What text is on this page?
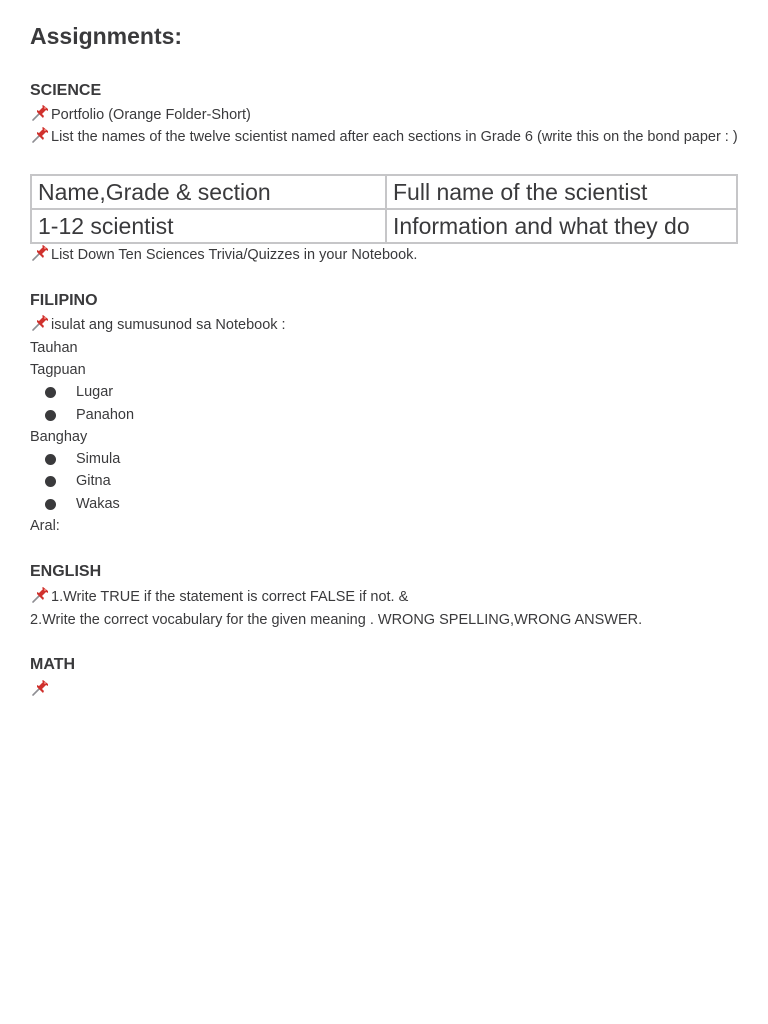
Assignments:
SCIENCE
Portfolio (Orange Folder-Short)
List the names of the twelve scientist named after each sections in Grade 6 (write this on the bond paper : )
Name,Grade & section	Full name of the scientist
1-12 scientist	Information and what they do
List Down Ten Sciences Trivia/Quizzes in your Notebook.
FILIPINO
isulat ang sumusunod sa Notebook :
Tauhan
Tagpuan
Lugar
Panahon
Banghay
Simula
Gitna
Wakas
Aral:
ENGLISH
1.Write TRUE if the statement is correct FALSE if not. &
2.Write the correct vocabulary for the given meaning . WRONG SPELLING,WRONG ANSWER.
MATH
